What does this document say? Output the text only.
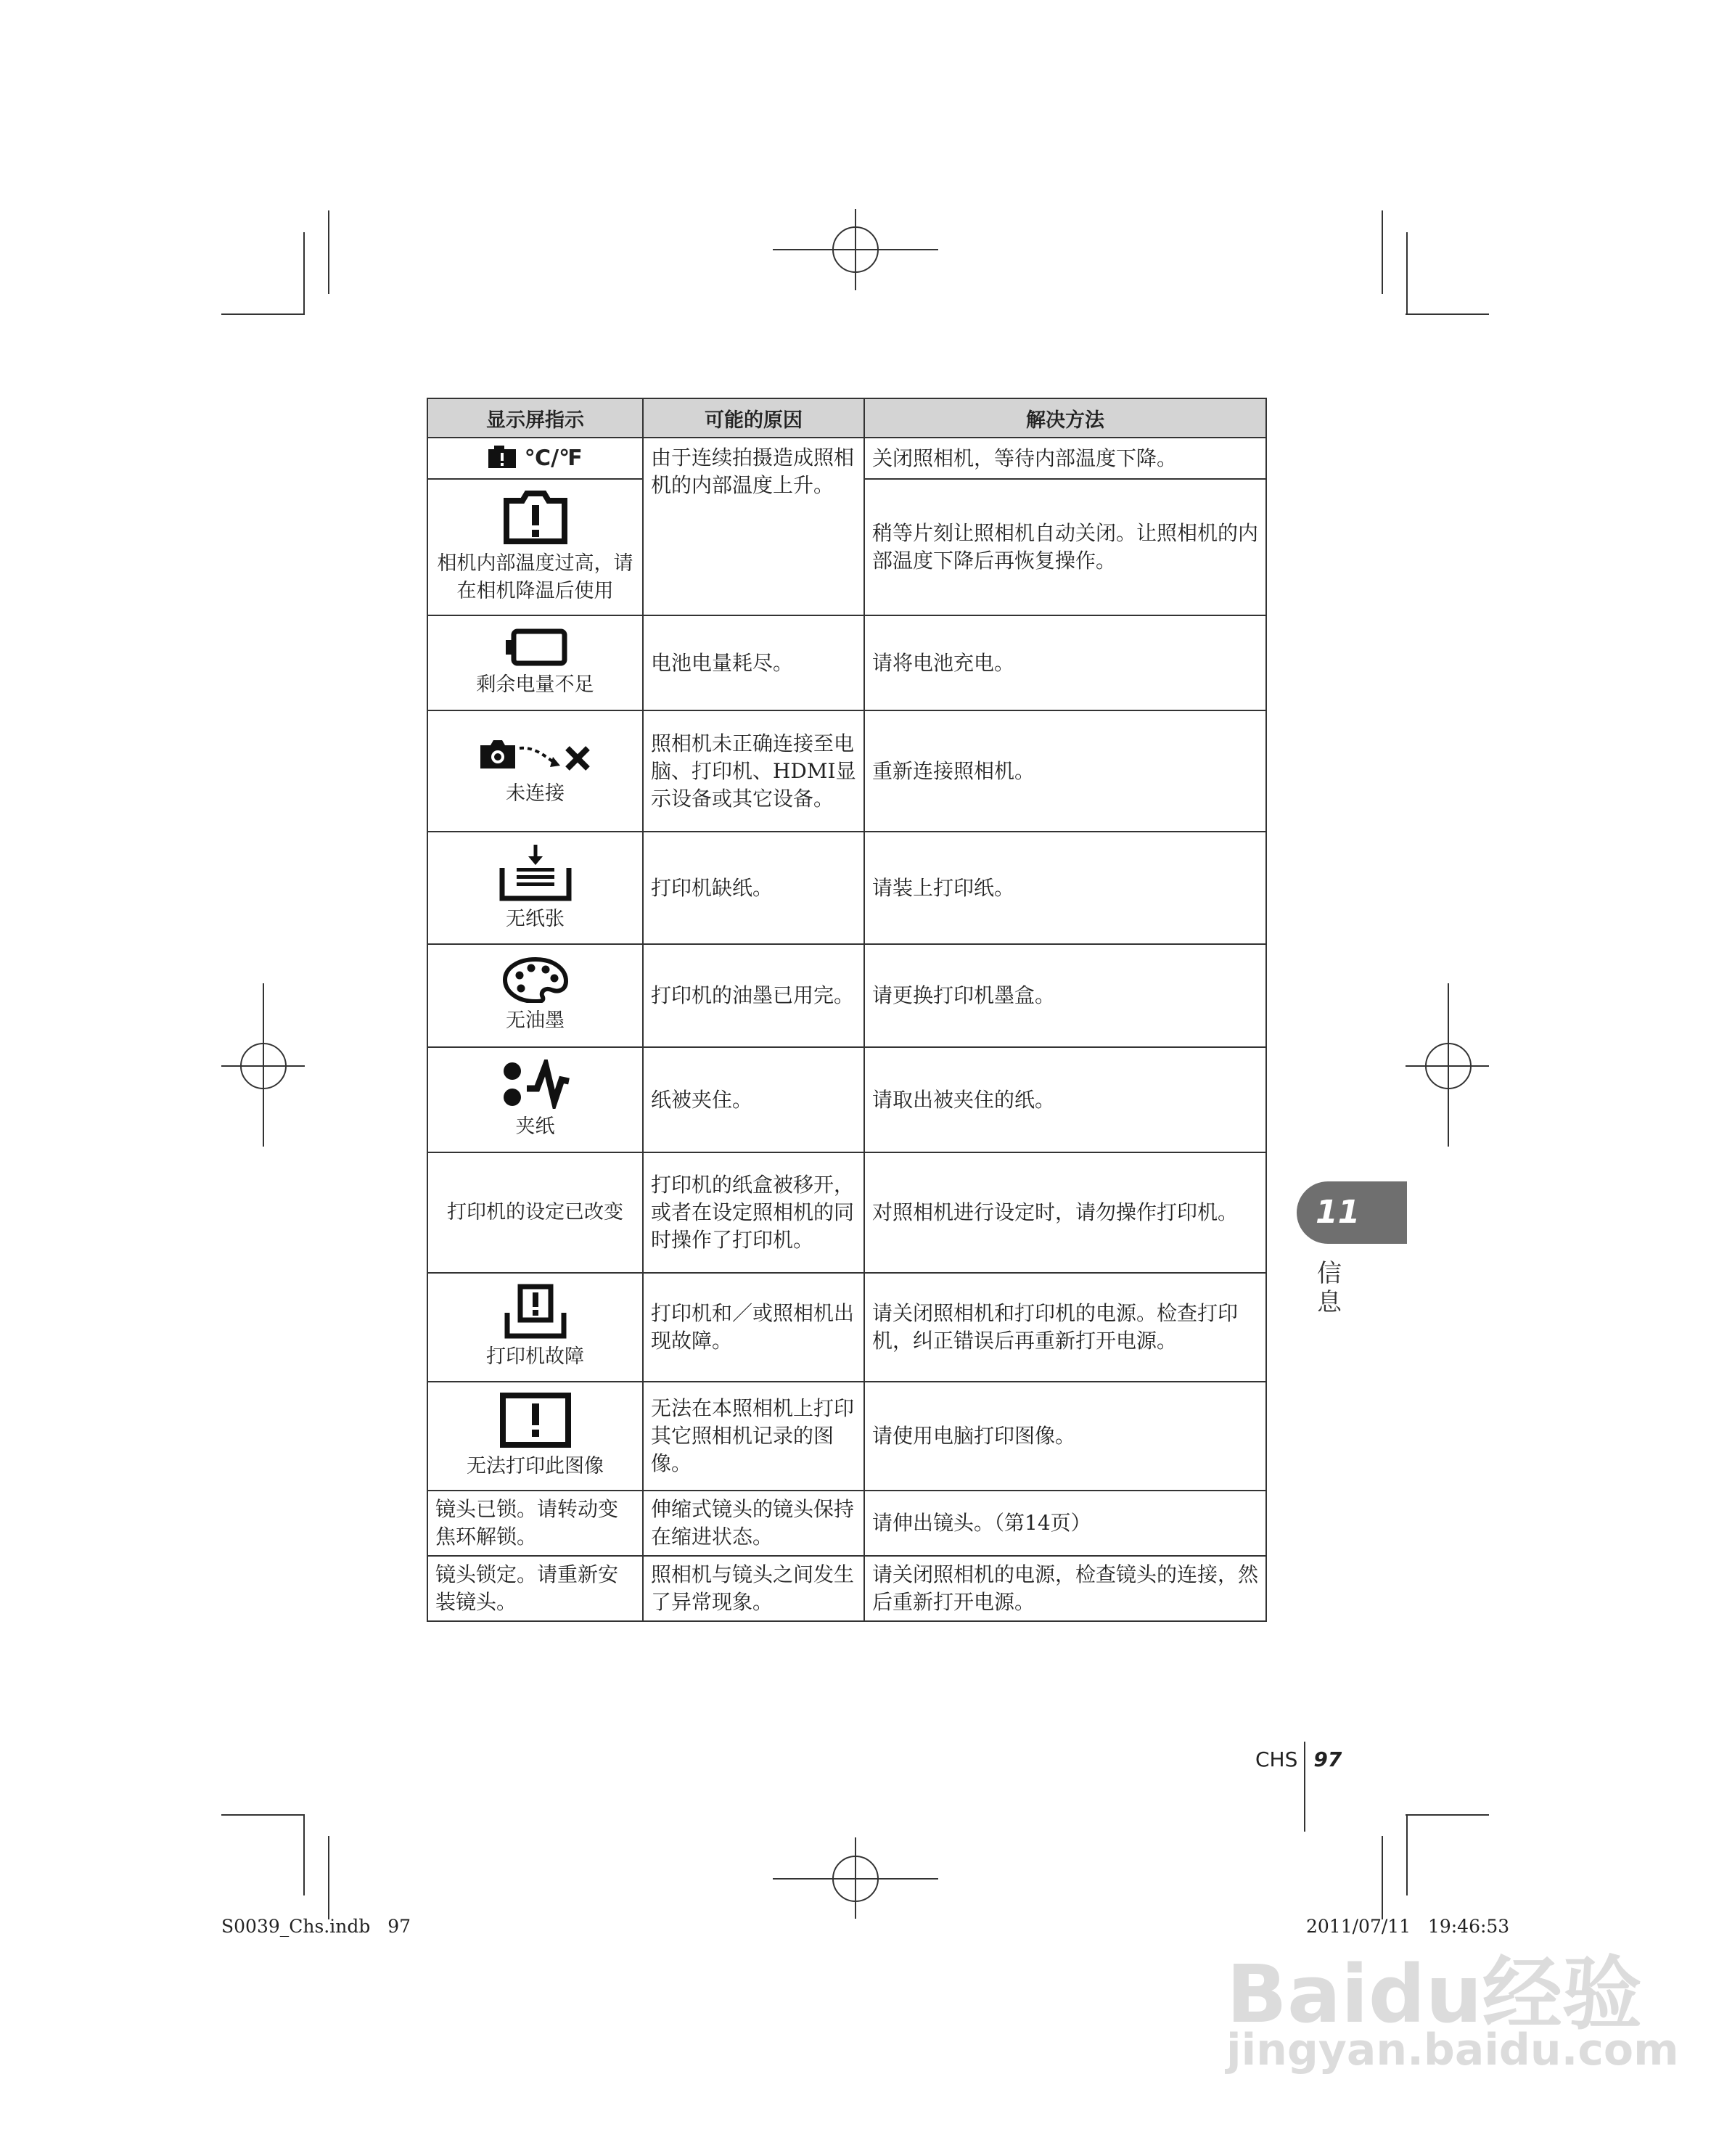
显示屏指示	可能的原因	解决方法
℃/℉	由于连续拍摄造成照相机的内部温度上升。	关闭照相机，等待内部温度下降。

相机内部温度过高，请在相机降温后使用		稍等片刻让照相机自动关闭。让照相机的内部温度下降后再恢复操作。

剩余电量不足	电池电量耗尽。	请将电池充电。

未连接	照相机未正确连接至电脑、打印机、HDMI显示设备或其它设备。	重新连接照相机。

无纸张	打印机缺纸。	请装上打印纸。

无油墨	打印机的油墨已用完。	请更换打印机墨盒。

夹纸	纸被夹住。	请取出被夹住的纸。
打印机的设定已改变	打印机的纸盒被移开，或者在设定照相机的同时操作了打印机。	对照相机进行设定时，请勿操作打印机。

打印机故障	打印机和／或照相机出现故障。	请关闭照相机和打印机的电源。检查打印机，纠正错误后再重新打开电源。

无法打印此图像	无法在本照相机上打印其它照相机记录的图像。	请使用电脑打印图像。
镜头已锁。请转动变焦环解锁。	伸缩式镜头的镜头保持在缩进状态。	请伸出镜头。（第14页）
镜头锁定。请重新安装镜头。	照相机与镜头之间发生了异常现象。	请关闭照相机的电源，检查镜头的连接，然后重新打开电源。
11
信息
CHS 97
S0039_Chs.indb   97	2011/07/11   19:46:53
Baidu经验
jingyan.baidu.com
